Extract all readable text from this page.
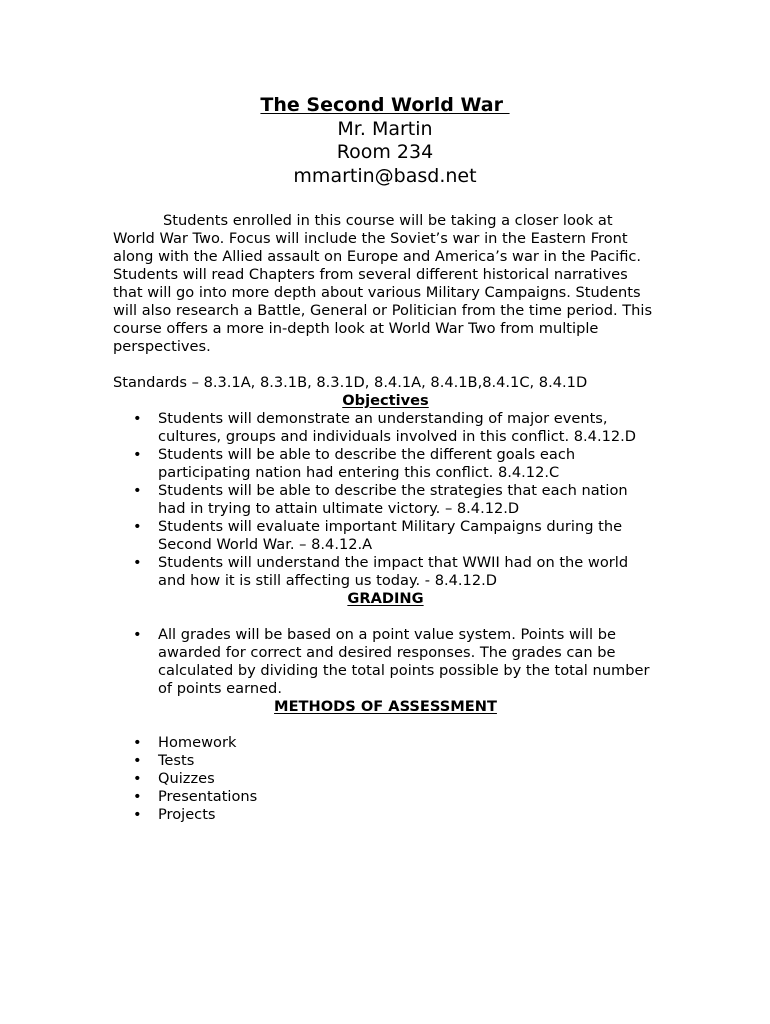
The Second World War
Mr. Martin
Room 234
mmartin@basd.net

Students enrolled in this course will be taking a closer look at World War Two. Focus will include the Soviet’s war in the Eastern Front along with the Allied assault on Europe and America’s war in the Pacific. Students will read Chapters from several different historical narratives that will go into more depth about various Military Campaigns. Students will also research a Battle, General or Politician from the time period. This course offers a more in-depth look at World War Two from multiple perspectives.

Standards – 8.3.1A, 8.3.1B, 8.3.1D, 8.4.1A, 8.4.1B,8.4.1C, 8.4.1D

Objectives
• Students will demonstrate an understanding of major events, cultures, groups and individuals involved in this conflict. 8.4.12.D
• Students will be able to describe the different goals each participating nation had entering this conflict. 8.4.12.C
• Students will be able to describe the strategies that each nation had in trying to attain ultimate victory. – 8.4.12.D
• Students will evaluate important Military Campaigns during the Second World War. – 8.4.12.A
• Students will understand the impact that WWII had on the world and how it is still affecting us today. - 8.4.12.D
GRADING
• All grades will be based on a point value system. Points will be awarded for correct and desired responses. The grades can be calculated by dividing the total points possible by the total number of points earned.
METHODS OF ASSESSMENT
• Homework
• Tests
• Quizzes
• Presentations
• Projects
